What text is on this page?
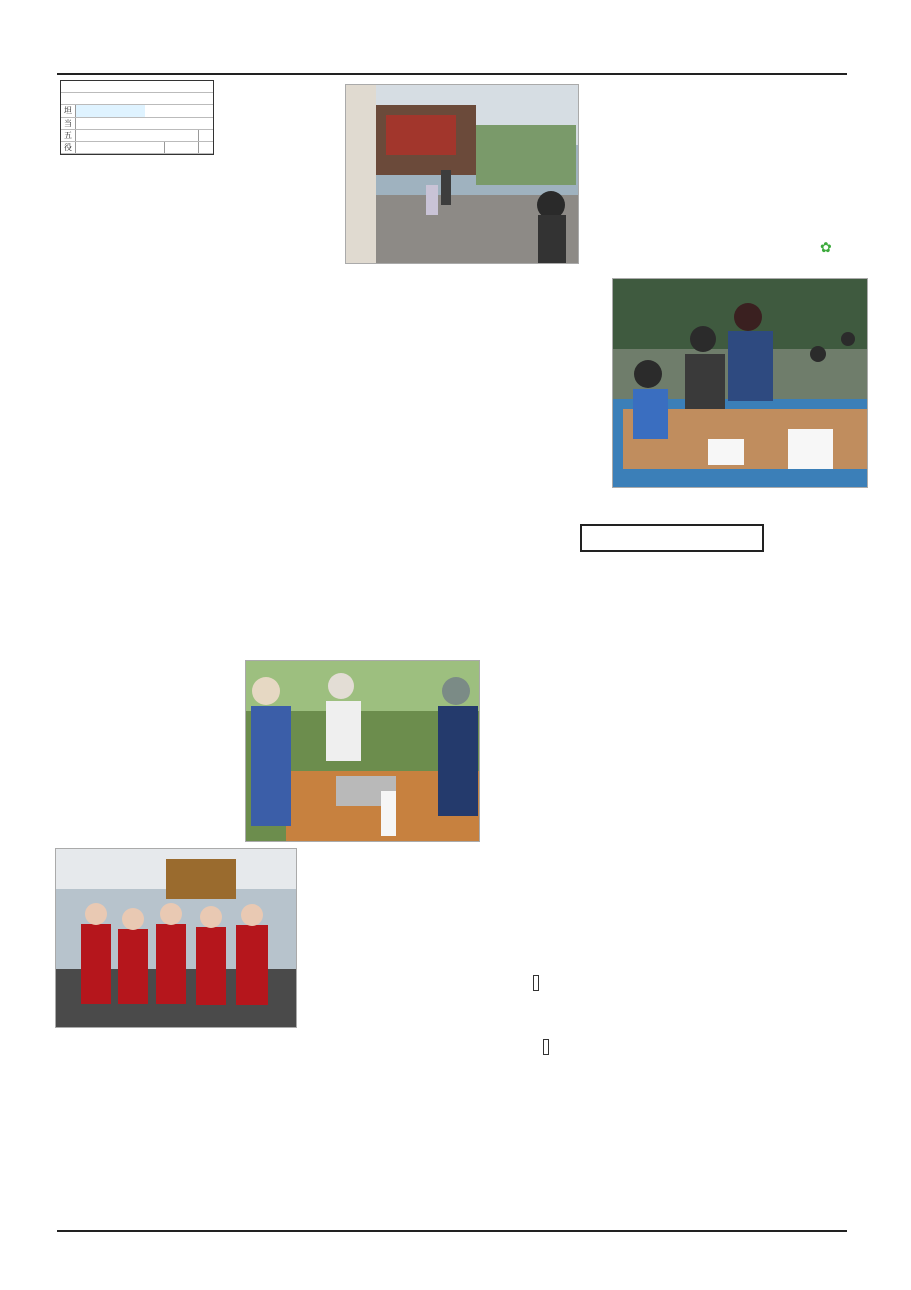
坦
当
五
役
✿
